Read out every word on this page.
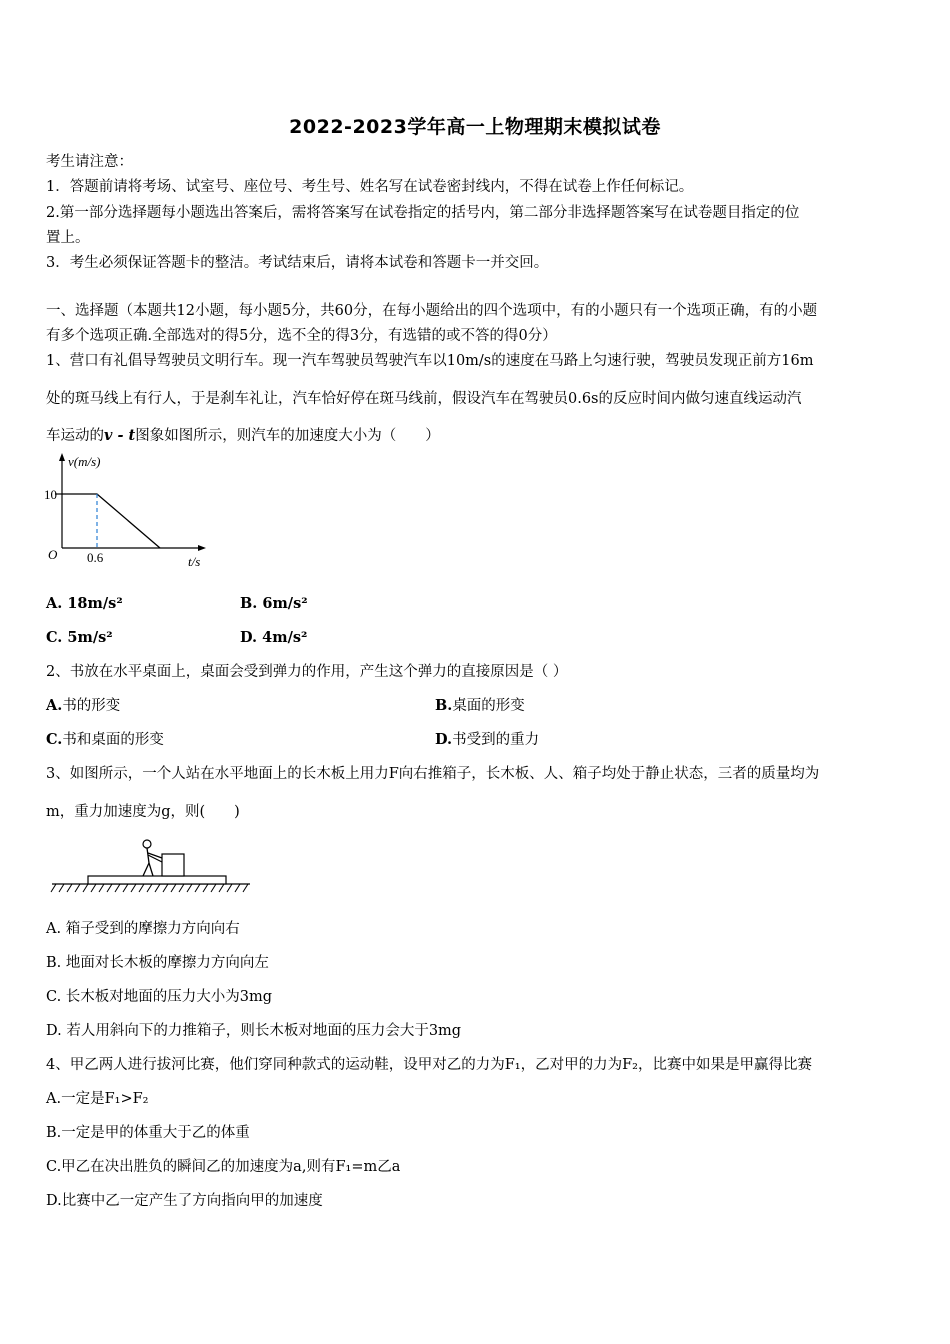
2022-2023学年高一上物理期末模拟试卷
考生请注意：
1．答题前请将考场、试室号、座位号、考生号、姓名写在试卷密封线内，不得在试卷上作任何标记。
2.第一部分选择题每小题选出答案后，需将答案写在试卷指定的括号内，第二部分非选择题答案写在试卷题目指定的位
置上。
3．考生必须保证答题卡的整洁。考试结束后，请将本试卷和答题卡一并交回。
一、选择题（本题共12小题，每小题5分，共60分，在每小题给出的四个选项中，有的小题只有一个选项正确，有的小题
有多个选项正确.全部选对的得5分，选不全的得3分，有选错的或不答的得0分）
1、营口有礼倡导驾驶员文明行车。现一汽车驾驶员驾驶汽车以10m/s的速度在马路上匀速行驶，驾驶员发现正前方16m
处的斑马线上有行人，于是刹车礼让，汽车恰好停在斑马线前，假设汽车在驾驶员0.6s的反应时间内做匀速直线运动汽
车运动的v - t图象如图所示，则汽车的加速度大小为（　　）
v(m/s)
10
O 0.6	t/s
A. 18m/s²	B. 6m/s²
C. 5m/s²	D. 4m/s²
2、书放在水平桌面上，桌面会受到弹力的作用，产生这个弹力的直接原因是（ ）
A.书的形变	B.桌面的形变
C.书和桌面的形变	D.书受到的重力
3、如图所示，一个人站在水平地面上的长木板上用力F向右推箱子，长木板、人、箱子均处于静止状态，三者的质量均为
m，重力加速度为g，则(　　)
A. 箱子受到的摩擦力方向向右
B. 地面对长木板的摩擦力方向向左
C. 长木板对地面的压力大小为3mg
D. 若人用斜向下的力推箱子，则长木板对地面的压力会大于3mg
4、甲乙两人进行拔河比赛，他们穿同种款式的运动鞋，设甲对乙的力为F₁，乙对甲的力为F₂，比赛中如果是甲赢得比赛
A.一定是F₁>F₂
B.一定是甲的体重大于乙的体重
C.甲乙在决出胜负的瞬间乙的加速度为a,则有F₁=m乙a
D.比赛中乙一定产生了方向指向甲的加速度
